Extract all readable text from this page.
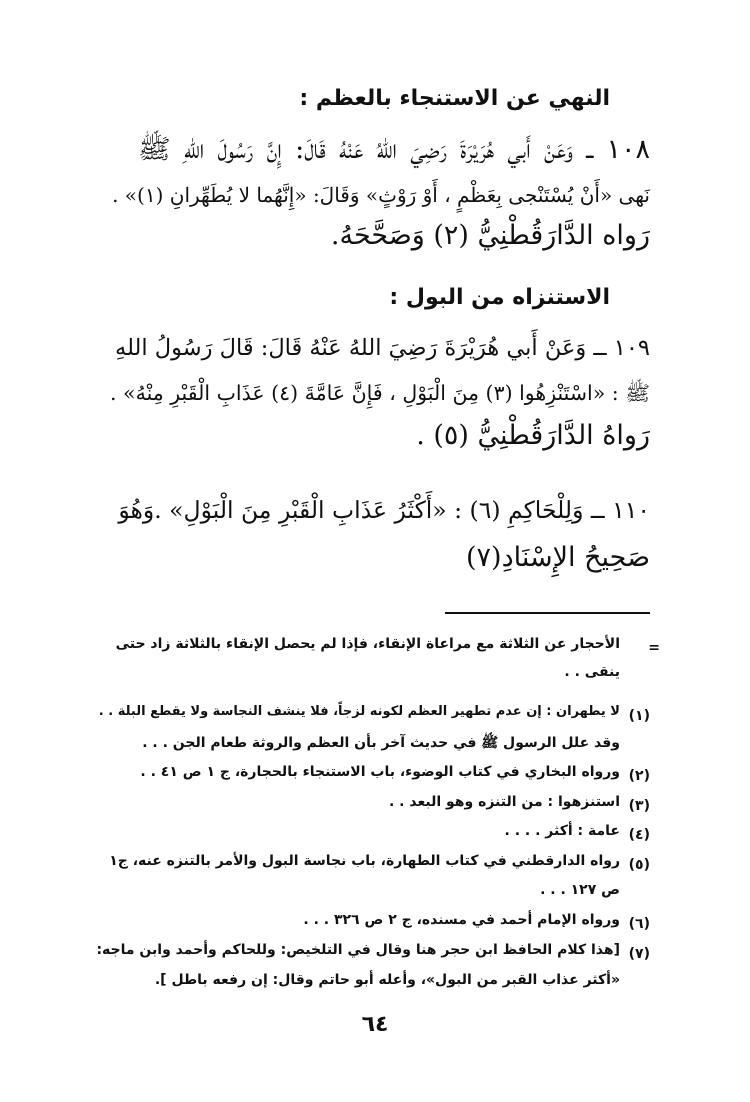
النهي عن الاستنجاء بالعظم :
١٠٨ ــ وَعَنْ أَبي هُرَيْرَةَ رَضِيَ اللهُ عَنْهُ قَالَ: إِنَّ رَسُولَ اللهِ ﷺ
نَهى «أَنْ يُسْتَنْجى بِعَظْمٍ ، أَوْ رَوْثٍ» وَقَالَ: «إِنَّهُما لا يُطَهِّرانِ (١)» .
رَواه الدَّارَقُطْنِيُّ (٢) وَصَحَّحَهُ.
الاستنزاه من البول :
١٠٩ ــ وَعَنْ أَبي هُرَيْرَةَ رَضِيَ اللهُ عَنْهُ قَالَ: قَالَ رَسُولُ اللهِ
ﷺ : «اسْتَنْزِهُوا (٣) مِنَ الْبَوْلِ ، فَإِنَّ عَامَّةَ (٤) عَذَابِ الْقَبْرِ مِنْهُ» .
رَواهُ الدَّارَقُطْنِيُّ (٥) .
١١٠ ــ وَلِلْحَاكِمِ (٦) : «أَكْثَرُ عَذَابِ الْقَبْرِ مِنَ الْبَوْلِ» .وَهُوَ
صَحِيحُ الإِسْنَادِ(٧)
=
الأحجار عن الثلاثة مع مراعاة الإنقاء، فإذا لم يحصل الإنقاء بالثلاثة زاد حتى
ينقى . .
(١)
لا يطهران : إن عدم تطهير العظم لكونه لزجاً، فلا ينشف النجاسة ولا يقطع البلة . .
وقد علل الرسول ﷺ في حديث آخر بأن العظم والروثة طعام الجن . . .
(٢)
ورواه البخاري في كتاب الوضوء، باب الاستنجاء بالحجارة، ج ١ ص ٤١ . .
(٣)
استنزهوا : من التنزه وهو البعد . .
(٤)
عامة : أكثر . . . .
(٥)
رواه الدارقطني في كتاب الطهارة، باب نجاسة البول والأمر بالتنزه عنه، ج١
ص ١٢٧ . . .
(٦)
ورواه الإمام أحمد في مسنده، ج ٢ ص ٣٢٦ . . .
(٧)
[هذا كلام الحافظ ابن حجر هنا وقال في التلخيص: وللحاكم وأحمد وابن ماجه:
«أكثر عذاب القبر من البول»، وأعله أبو حاتم وقال: إن رفعه باطل ].
٦٤
